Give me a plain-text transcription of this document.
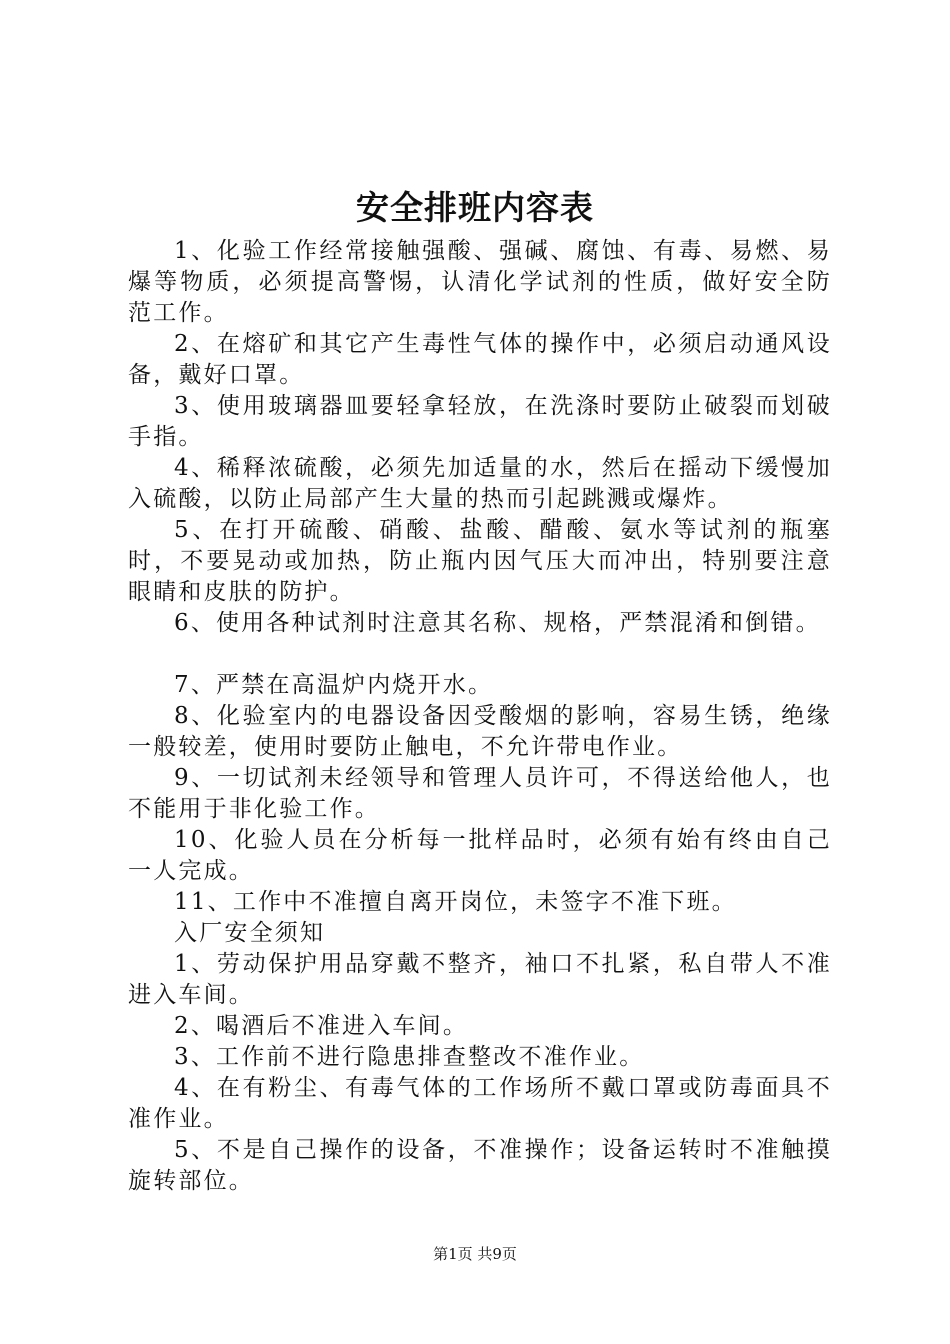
安全排班内容表

1、化验工作经常接触强酸、强碱、腐蚀、有毒、易燃、易爆等物质，必须提高警惕，认清化学试剂的性质，做好安全防范工作。

2、在熔矿和其它产生毒性气体的操作中，必须启动通风设备，戴好口罩。

3、使用玻璃器皿要轻拿轻放，在洗涤时要防止破裂而划破手指。

4、稀释浓硫酸，必须先加适量的水，然后在摇动下缓慢加入硫酸，以防止局部产生大量的热而引起跳溅或爆炸。

5、在打开硫酸、硝酸、盐酸、醋酸、氨水等试剂的瓶塞时，不要晃动或加热，防止瓶内因气压大而冲出，特别要注意眼睛和皮肤的防护。

6、使用各种试剂时注意其名称、规格，严禁混淆和倒错。

7、严禁在高温炉内烧开水。

8、化验室内的电器设备因受酸烟的影响，容易生锈，绝缘一般较差，使用时要防止触电，不允许带电作业。

9、一切试剂未经领导和管理人员许可，不得送给他人，也不能用于非化验工作。

10、化验人员在分析每一批样品时，必须有始有终由自己一人完成。

11、工作中不准擅自离开岗位，未签字不准下班。

入厂安全须知

1、劳动保护用品穿戴不整齐，袖口不扎紧，私自带人不准进入车间。

2、喝酒后不准进入车间。

3、工作前不进行隐患排查整改不准作业。

4、在有粉尘、有毒气体的工作场所不戴口罩或防毒面具不准作业。

5、不是自己操作的设备，不准操作；设备运转时不准触摸旋转部位。

第1页 共9页
